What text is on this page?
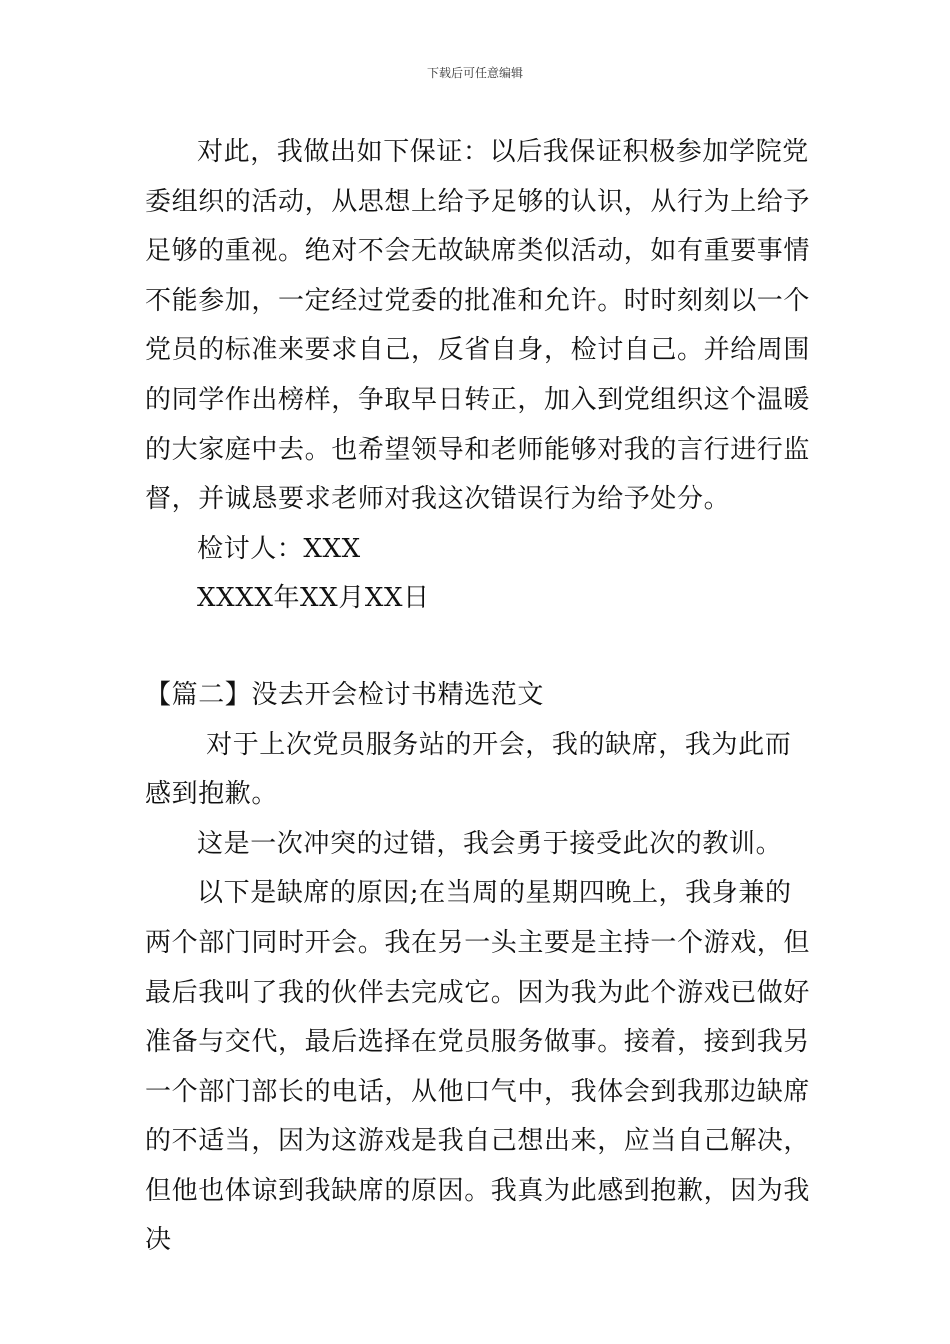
下载后可任意编辑

对此，我做出如下保证：以后我保证积极参加学院党委组织的活动，从思想上给予足够的认识，从行为上给予足够的重视。绝对不会无故缺席类似活动，如有重要事情不能参加，一定经过党委的批准和允许。时时刻刻以一个党员的标准来要求自己，反省自身，检讨自己。并给周围的同学作出榜样，争取早日转正，加入到党组织这个温暖的大家庭中去。也希望领导和老师能够对我的言行进行监督，并诚恳要求老师对我这次错误行为给予处分。

检讨人：XXX

XXXX年XX月XX日

【篇二】没去开会检讨书精选范文

对于上次党员服务站的开会，我的缺席，我为此而感到抱歉。

这是一次冲突的过错，我会勇于接受此次的教训。

以下是缺席的原因;在当周的星期四晚上，我身兼的两个部门同时开会。我在另一头主要是主持一个游戏，但最后我叫了我的伙伴去完成它。因为我为此个游戏已做好准备与交代，最后选择在党员服务做事。接着，接到我另一个部门部长的电话，从他口气中，我体会到我那边缺席的不适当，因为这游戏是我自己想出来，应当自己解决，但他也体谅到我缺席的原因。我真为此感到抱歉，因为我决
